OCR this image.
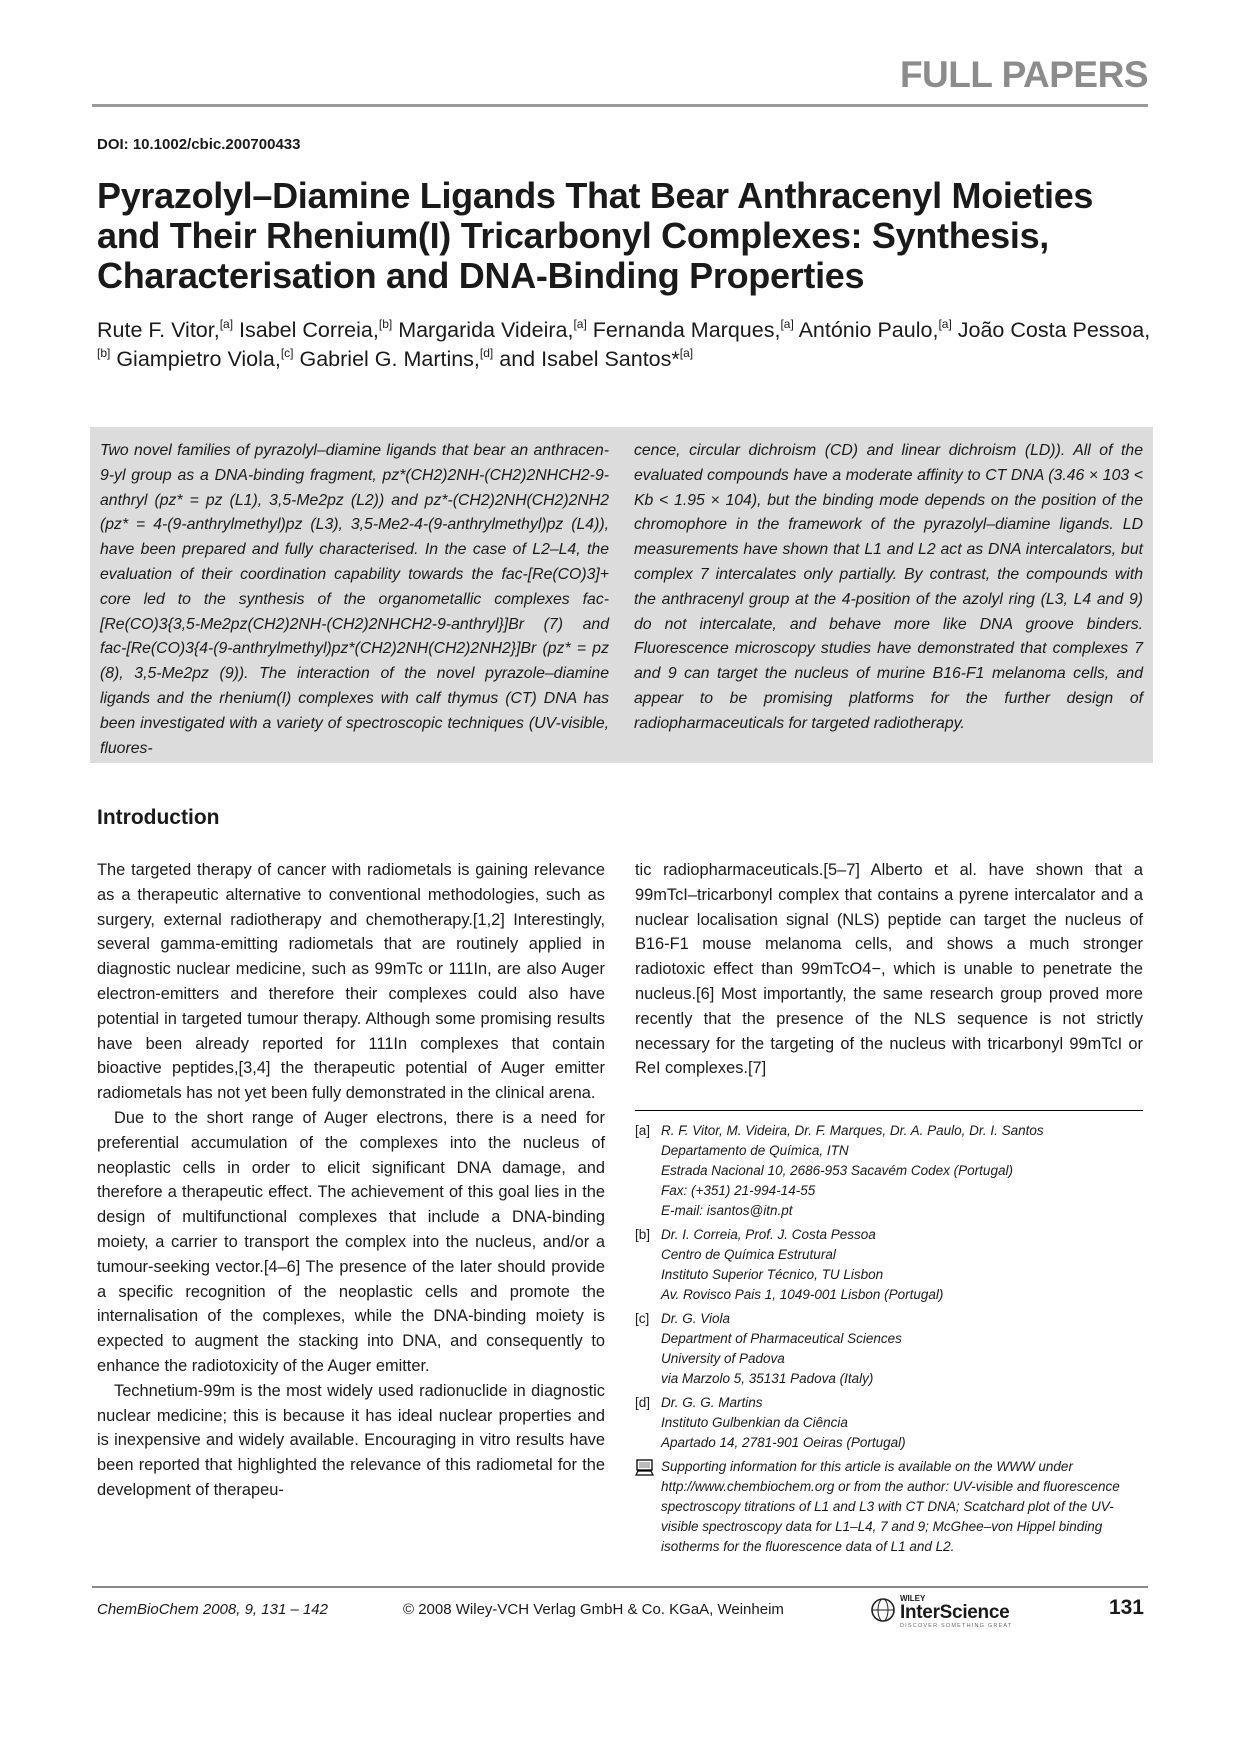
FULL PAPERS
DOI: 10.1002/cbic.200700433
Pyrazolyl–Diamine Ligands That Bear Anthracenyl Moieties and Their Rhenium(I) Tricarbonyl Complexes: Synthesis, Characterisation and DNA-Binding Properties
Rute F. Vitor,[a] Isabel Correia,[b] Margarida Videira,[a] Fernanda Marques,[a] António Paulo,[a] João Costa Pessoa,[b] Giampietro Viola,[c] Gabriel G. Martins,[d] and Isabel Santos*[a]
Two novel families of pyrazolyl–diamine ligands that bear an anthracen-9-yl group as a DNA-binding fragment, pz*(CH2)2NH-(CH2)2NHCH2-9-anthryl (pz* = pz (L1), 3,5-Me2pz (L2)) and pz*-(CH2)2NH(CH2)2NH2 (pz* = 4-(9-anthrylmethyl)pz (L3), 3,5-Me2-4-(9-anthrylmethyl)pz (L4)), have been prepared and fully characterised. In the case of L2–L4, the evaluation of their coordination capability towards the fac-[Re(CO)3]+ core led to the synthesis of the organometallic complexes fac-[Re(CO)3{3,5-Me2pz(CH2)2NH-(CH2)2NHCH2-9-anthryl}]Br (7) and fac-[Re(CO)3{4-(9-anthrylmethyl)pz*(CH2)2NH(CH2)2NH2}]Br (pz* = pz (8), 3,5-Me2pz (9)). The interaction of the novel pyrazole–diamine ligands and the rhenium(I) complexes with calf thymus (CT) DNA has been investigated with a variety of spectroscopic techniques (UV-visible, fluores-
cence, circular dichroism (CD) and linear dichroism (LD)). All of the evaluated compounds have a moderate affinity to CT DNA (3.46 × 103 < Kb < 1.95 × 104), but the binding mode depends on the position of the chromophore in the framework of the pyrazolyl–diamine ligands. LD measurements have shown that L1 and L2 act as DNA intercalators, but complex 7 intercalates only partially. By contrast, the compounds with the anthracenyl group at the 4-position of the azolyl ring (L3, L4 and 9) do not intercalate, and behave more like DNA groove binders. Fluorescence microscopy studies have demonstrated that complexes 7 and 9 can target the nucleus of murine B16-F1 melanoma cells, and appear to be promising platforms for the further design of radiopharmaceuticals for targeted radiotherapy.
Introduction

The targeted therapy of cancer with radiometals is gaining relevance as a therapeutic alternative to conventional methodologies, such as surgery, external radiotherapy and chemotherapy.[1,2] Interestingly, several gamma-emitting radiometals that are routinely applied in diagnostic nuclear medicine, such as 99mTc or 111In, are also Auger electron-emitters and therefore their complexes could also have potential in targeted tumour therapy. Although some promising results have been already reported for 111In complexes that contain bioactive peptides,[3,4] the therapeutic potential of Auger emitter radiometals has not yet been fully demonstrated in the clinical arena.

Due to the short range of Auger electrons, there is a need for preferential accumulation of the complexes into the nucleus of neoplastic cells in order to elicit significant DNA damage, and therefore a therapeutic effect. The achievement of this goal lies in the design of multifunctional complexes that include a DNA-binding moiety, a carrier to transport the complex into the nucleus, and/or a tumour-seeking vector.[4–6] The presence of the later should provide a specific recognition of the neoplastic cells and promote the internalisation of the complexes, while the DNA-binding moiety is expected to augment the stacking into DNA, and consequently to enhance the radiotoxicity of the Auger emitter.

Technetium-99m is the most widely used radionuclide in diagnostic nuclear medicine; this is because it has ideal nuclear properties and is inexpensive and widely available. Encouraging in vitro results have been reported that highlighted the relevance of this radiometal for the development of therapeu-

tic radiopharmaceuticals.[5–7] Alberto et al. have shown that a 99mTcI–tricarbonyl complex that contains a pyrene intercalator and a nuclear localisation signal (NLS) peptide can target the nucleus of B16-F1 mouse melanoma cells, and shows a much stronger radiotoxic effect than 99mTcO4−, which is unable to penetrate the nucleus.[6] Most importantly, the same research group proved more recently that the presence of the NLS sequence is not strictly necessary for the targeting of the nucleus with tricarbonyl 99mTcI or ReI complexes.[7]

[a] R. F. Vitor, M. Videira, Dr. F. Marques, Dr. A. Paulo, Dr. I. Santos
Departamento de Química, ITN
Estrada Nacional 10, 2686-953 Sacavém Codex (Portugal)
Fax: (+351) 21-994-14-55
E-mail: isantos@itn.pt
[b] Dr. I. Correia, Prof. J. Costa Pessoa
Centro de Química Estrutural
Instituto Superior Técnico, TU Lisbon
Av. Rovisco Pais 1, 1049-001 Lisbon (Portugal)
[c] Dr. G. Viola
Department of Pharmaceutical Sciences
University of Padova
via Marzolo 5, 35131 Padova (Italy)
[d] Dr. G. G. Martins
Instituto Gulbenkian da Ciência
Apartado 14, 2781-901 Oeiras (Portugal)
Supporting information for this article is available on the WWW under http://www.chembiochem.org or from the author: UV-visible and fluorescence spectroscopy titrations of L1 and L3 with CT DNA; Scatchard plot of the UV-visible spectroscopy data for L1–L4, 7 and 9; McGhee–von Hippel binding isotherms for the fluorescence data of L1 and L2.
ChemBioChem 2008, 9, 131 – 142	© 2008 Wiley-VCH Verlag GmbH & Co. KGaA, Weinheim
WILEY
InterScience
DISCOVER SOMETHING GREAT
131
